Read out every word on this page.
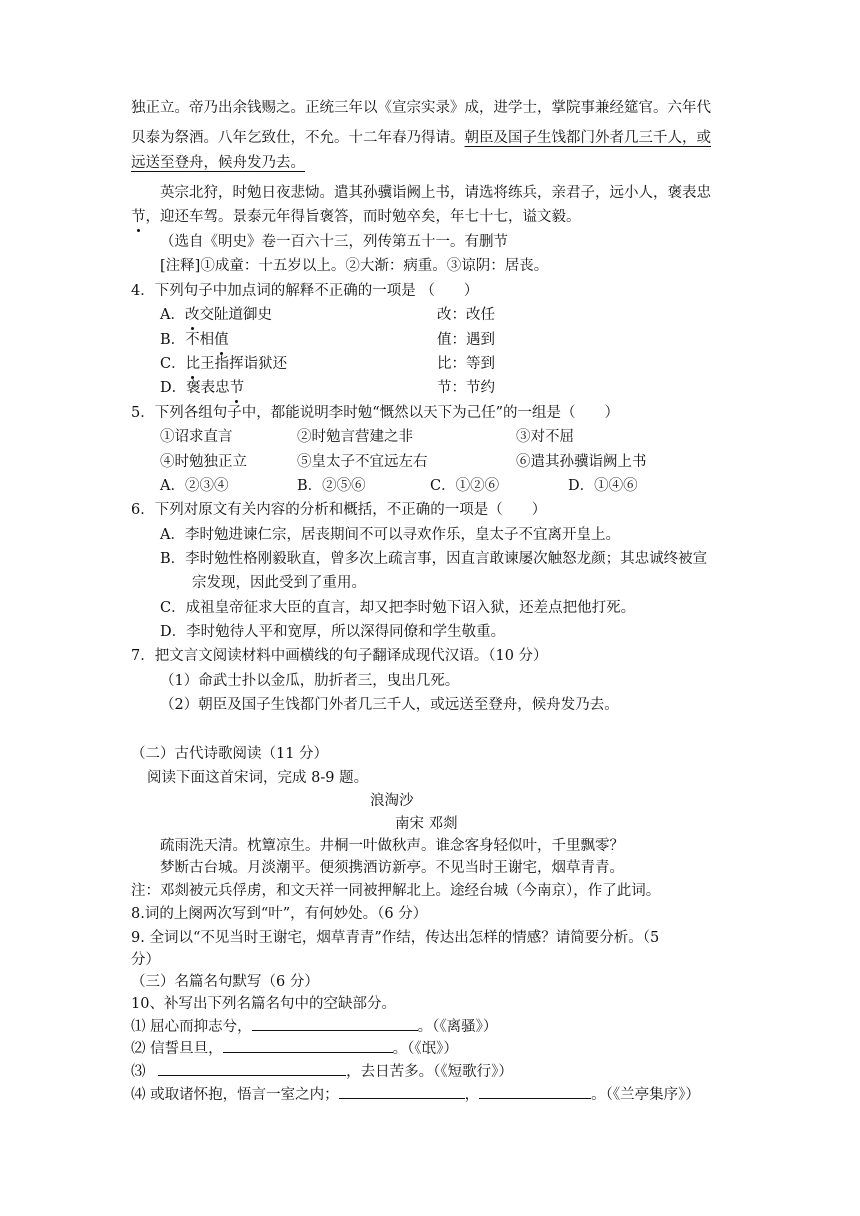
独正立。帝乃出余钱赐之。正统三年以《宣宗实录》成，进学士，掌院事兼经筵官。六年代
贝泰为祭酒。八年乞致仕，不允。十二年春乃得请。朝臣及国子生饯都门外者几三千人，或
远送至登舟，候舟发乃去。
英宗北狩，时勉日夜悲恸。遣其孙骥诣阙上书，请选将练兵，亲君子，远小人，褒表忠
节，迎还车驾。景泰元年得旨褒答，而时勉卒矣，年七十七，谥文毅。
（选自《明史》卷一百六十三，列传第五十一。有删节
[注释]①成童：十五岁以上。②大渐：病重。③谅阴：居丧。
4．下列句子中加点词的解释不正确的一项是 （　　）
A．改交阯道御史	改：改任
B．不相值	值：遇到
C．比王指挥诣狱还	比：等到
D．褒表忠节	节：节约
5．下列各组句子中，都能说明李时勉“慨然以天下为己任”的一组是（　　）
①诏求直言	②时勉言营建之非	③对不屈
④时勉独正立	⑤皇太子不宜远左右	⑥遣其孙骥诣阙上书
A．②③④	B．②⑤⑥	C．①②⑥	D．①④⑥
6．下列对原文有关内容的分析和概括，不正确的一项是（　　）
A．李时勉进谏仁宗，居丧期间不可以寻欢作乐，皇太子不宜离开皇上。
B．李时勉性格刚毅耿直，曾多次上疏言事，因直言敢谏屡次触怒龙颜；其忠诚终被宣
宗发现，因此受到了重用。
C．成祖皇帝征求大臣的直言，却又把李时勉下诏入狱，还差点把他打死。
D．李时勉待人平和宽厚，所以深得同僚和学生敬重。
7．把文言文阅读材料中画横线的句子翻译成现代汉语。（10 分）
（1）命武士扑以金瓜，肋折者三，曳出几死。
（2）朝臣及国子生饯都门外者几三千人，或远送至登舟，候舟发乃去。
（二）古代诗歌阅读（11 分）
阅读下面这首宋词，完成 8-9 题。
浪淘沙
南宋 邓剡
疏雨洗天清。枕簟凉生。井桐一叶做秋声。谁念客身轻似叶，千里飘零？
梦断古台城。月淡潮平。便须携酒访新亭。不见当时王谢宅，烟草青青。
注：邓剡被元兵俘虏，和文天祥一同被押解北上。途经台城（今南京），作了此词。
8.词的上阕两次写到“叶”，有何妙处。（6 分）
9. 全词以“不见当时王谢宅，烟草青青”作结，传达出怎样的情感？请简要分析。（5
分）
（三）名篇名句默写（6 分）
10、补写出下列名篇名句中的空缺部分。
⑴ 屈心而抑志兮，	。（《离骚》）
⑵ 信誓旦旦，	。（《氓》）
⑶	，去日苦多。（《短歌行》）
⑷ 或取诸怀抱，悟言一室之内；	，	。（《兰亭集序》）
